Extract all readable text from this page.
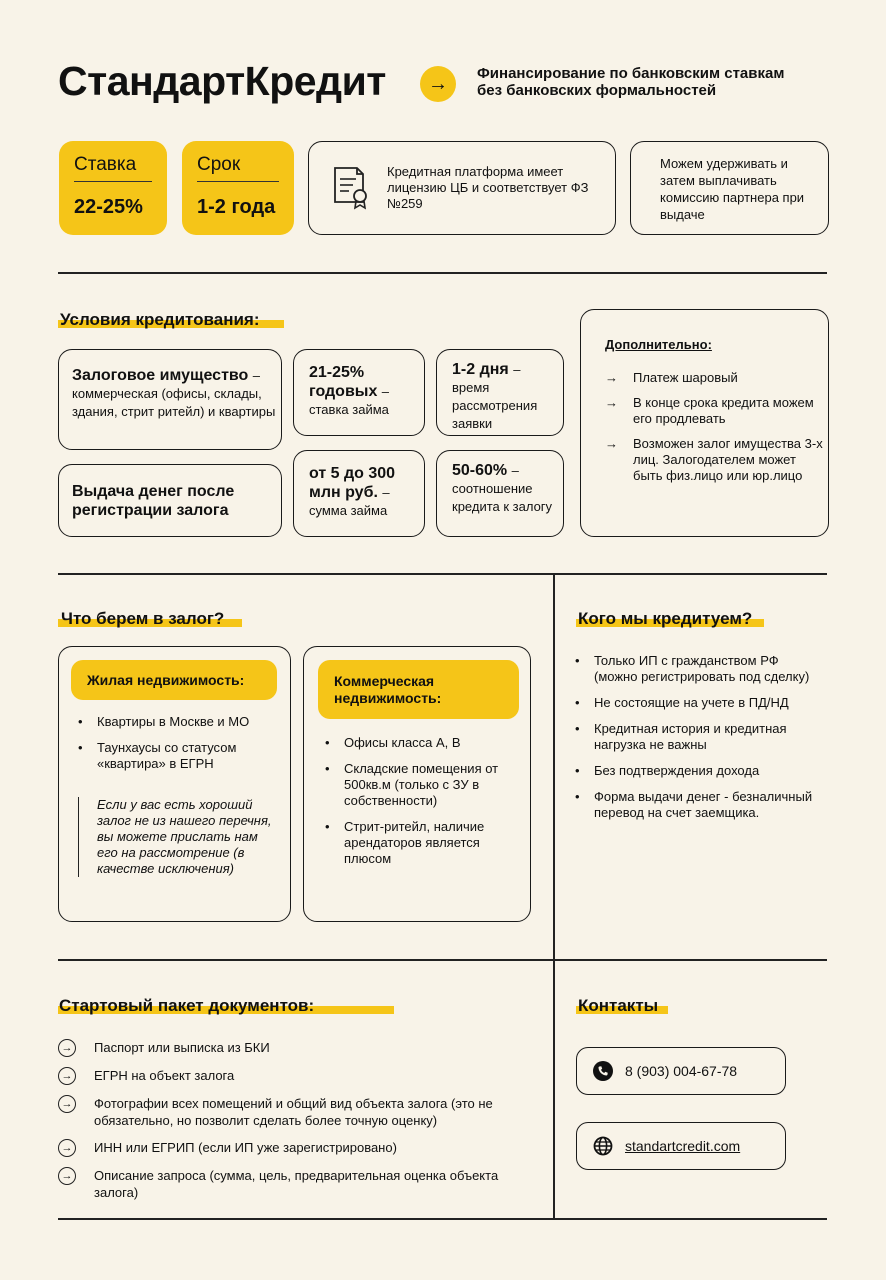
СтандартКредит → Финансирование по банковским ставкам
без банковских формальностей
Ставка
22-25%
Срок
1-2 года
Кредитная платформа имеет лицензию ЦБ и соответствует ФЗ №259
Можем удерживать и затем выплачивать комиссию партнера при выдаче
Условия кредитования:
Залоговое имущество – коммерческая (офисы, склады, здания, стрит ритейл) и квартиры
Выдача денег после регистрации залога
21-25% годовых – ставка займа
от 5 до 300 млн руб. – сумма займа
1-2 дня – время рассмотрения заявки
50-60% – соотношение кредита к залогу
Дополнительно:
→	Платеж шаровый
→	В конце срока кредита можем его продлевать
→	Возможен залог имущества 3-х лиц. Залогодателем может быть физ.лицо или юр.лицо
Что берем в залог?
Жилая недвижимость:
• Квартиры в Москве и МО
• Таунхаусы со статусом «квартира» в ЕГРН
Если у вас есть хороший залог не из нашего перечня, вы можете прислать нам его на рассмотрение (в качестве исключения)
Коммерческая недвижимость:
• Офисы класса А, В
• Складские помещения от 500кв.м (только с ЗУ в собственности)
• Стрит-ритейл, наличие арендаторов является плюсом
Кого мы кредитуем?
• Только ИП с гражданством РФ (можно регистрировать под сделку)
• Не состоящие на учете в ПД/НД
• Кредитная история и кредитная нагрузка не важны
• Без подтверждения дохода
• Форма выдачи денег - безналичный перевод на счет заемщика.
Стартовый пакет документов:
→ Паспорт или выписка из БКИ
→ ЕГРН на объект залога
→ Фотографии всех помещений и общий вид объекта залога (это не обязательно, но позволит сделать более точную оценку)
→ ИНН или ЕГРИП (если ИП уже зарегистрировано)
→ Описание запроса (сумма, цель, предварительная оценка объекта залога)
Контакты
8 (903) 004-67-78
standartcredit.com
